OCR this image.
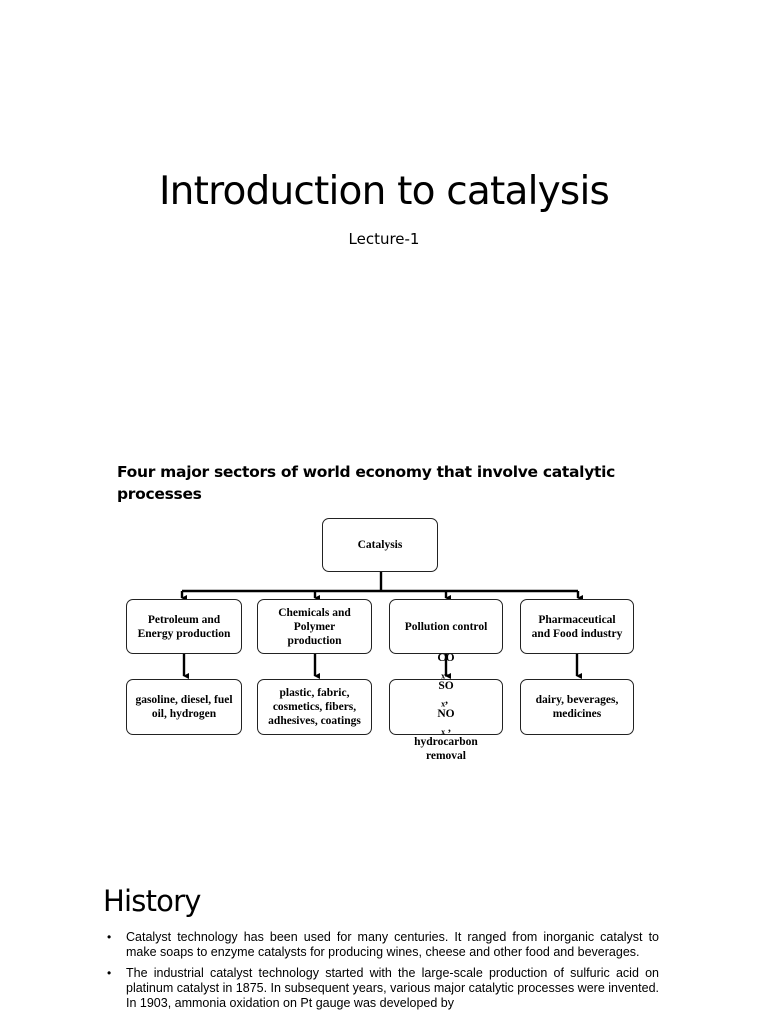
Introduction to catalysis
Lecture-1
Four major sectors of world economy that involve catalytic
processes
Catalysis
Petroleum and
Energy production
Chemicals and
Polymer
production
Pollution control
Pharmaceutical
and Food industry
gasoline, diesel, fuel
oil, hydrogen
plastic, fabric,
cosmetics, fibers,
adhesives, coatings
CO
$_x$,
SO
$_x$,
NO
$_x$ ,
hydrocarbon
removal
dairy, beverages,
medicines
History
• Catalyst technology has been used for many centuries. It ranged from inorganic catalyst to make soaps to enzyme catalysts for producing wines, cheese and other food and beverages.
• The industrial catalyst technology started with the large-scale production of sulfuric acid on platinum catalyst in 1875. In subsequent years, various major catalytic processes were invented. In 1903, ammonia oxidation on Pt gauge was developed by
